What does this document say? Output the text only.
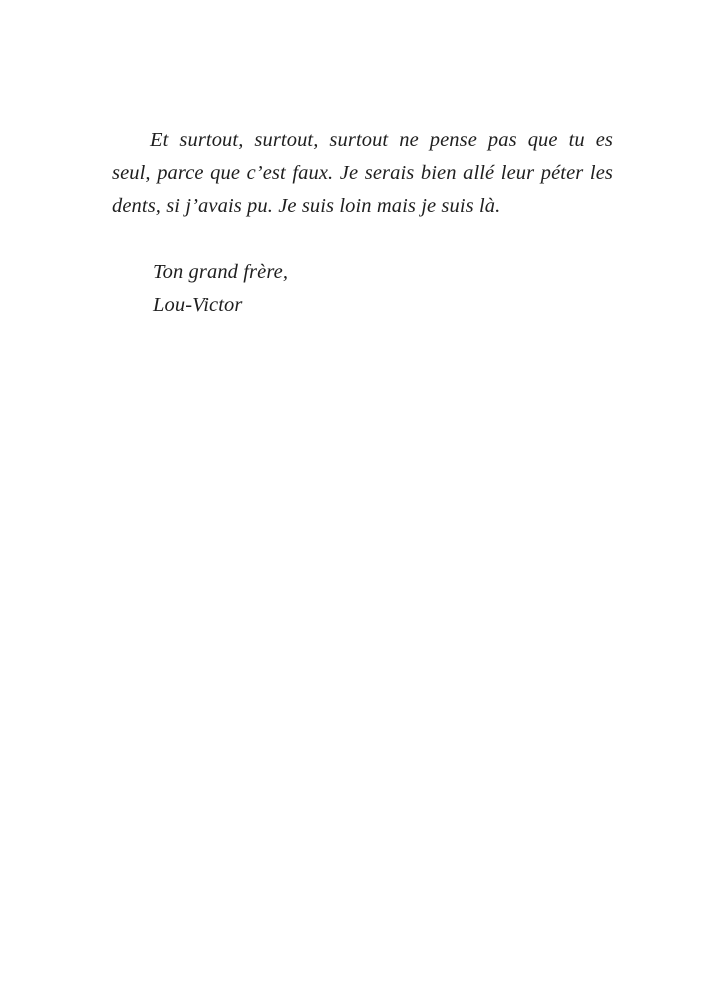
Et surtout, surtout, surtout ne pense pas que tu es
seul, parce que c’est faux. Je serais bien allé leur péter les
dents, si j’avais pu. Je suis loin mais je suis là.
Ton grand frère,
Lou-Victor
